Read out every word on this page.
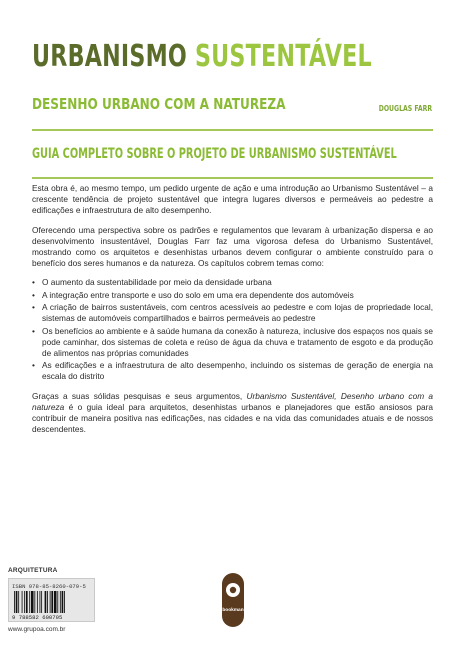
URBANISMO SUSTENTÁVEL
DESENHO URBANO COM A NATUREZA	DOUGLAS FARR
GUIA COMPLETO SOBRE O PROJETO DE URBANISMO SUSTENTÁVEL

Esta obra é, ao mesmo tempo, um pedido urgente de ação e uma introdução ao Urbanismo Sustentável – a crescente tendência de projeto sustentável que integra lugares diversos e permeáveis ao pedestre a edificações e infraestrutura de alto desempenho.

Oferecendo uma perspectiva sobre os padrões e regulamentos que levaram à urbanização dispersa e ao desenvolvimento insustentável, Douglas Farr faz uma vigorosa defesa do Urbanismo Sustentável, mostrando como os arquitetos e desenhistas urbanos devem configurar o ambiente construído para o benefício dos seres humanos e da natureza. Os capítulos cobrem temas como:

• O aumento da sustentabilidade por meio da densidade urbana
• A integração entre transporte e uso do solo em uma era dependente dos automóveis
• A criação de bairros sustentáveis, com centros acessíveis ao pedestre e com lojas de propriedade local, sistemas de automóveis compartilhados e bairros permeáveis ao pedestre
• Os benefícios ao ambiente e à saúde humana da conexão à natureza, inclusive dos espaços nos quais se pode caminhar, dos sistemas de coleta e reúso de água da chuva e tratamento de esgoto e da produção de alimentos nas próprias comunidades
• As edificações e a infraestrutura de alto desempenho, incluindo os sistemas de geração de energia na escala do distrito

Graças a suas sólidas pesquisas e seus argumentos, Urbanismo Sustentável, Desenho urbano com a natureza é o guia ideal para arquitetos, desenhistas urbanos e planejadores que estão ansiosos para contribuir de maneira positiva nas edificações, nas cidades e na vida das comunidades atuais e de nossos descendentes.

ARQUITETURA
ISBN 978-85-8260-079-5
9 788582 600795
www.grupoa.com.br
bookman
